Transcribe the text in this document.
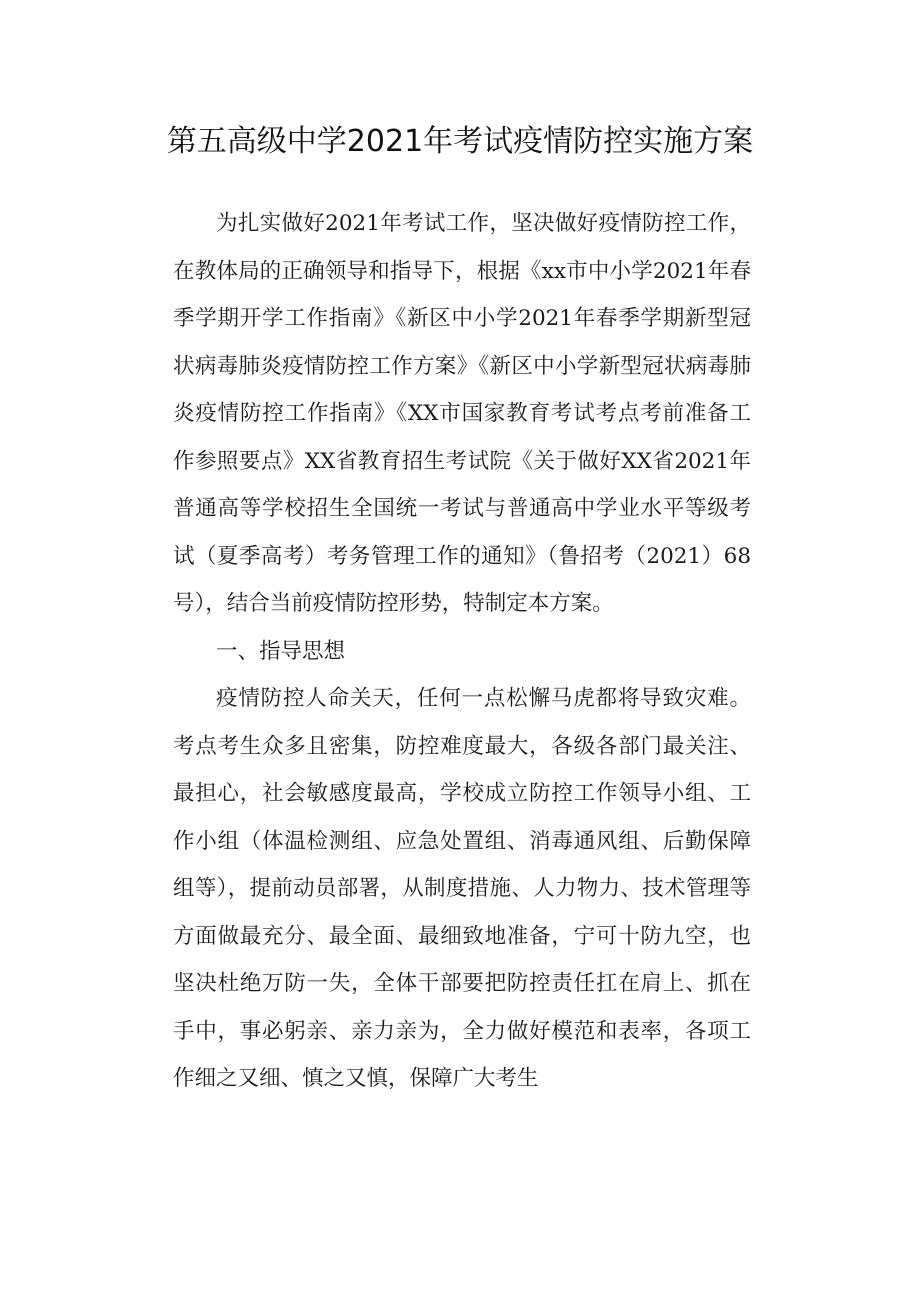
第五高级中学2021年考试疫情防控实施方案

为扎实做好2021年考试工作，坚决做好疫情防控工作，在教体局的正确领导和指导下，根据《xx市中小学2021年春季学期开学工作指南》《新区中小学2021年春季学期新型冠状病毒肺炎疫情防控工作方案》《新区中小学新型冠状病毒肺炎疫情防控工作指南》《XX市国家教育考试考点考前准备工作参照要点》XX省教育招生考试院《关于做好XX省2021年普通高等学校招生全国统一考试与普通高中学业水平等级考试（夏季高考）考务管理工作的通知》（鲁招考（2021）68号），结合当前疫情防控形势，特制定本方案。

一、指导思想

疫情防控人命关天，任何一点松懈马虎都将导致灾难。考点考生众多且密集，防控难度最大，各级各部门最关注、最担心，社会敏感度最高，学校成立防控工作领导小组、工作小组（体温检测组、应急处置组、消毒通风组、后勤保障组等），提前动员部署，从制度措施、人力物力、技术管理等方面做最充分、最全面、最细致地准备，宁可十防九空，也坚决杜绝万防一失，全体干部要把防控责任扛在肩上、抓在手中，事必躬亲、亲力亲为，全力做好模范和表率，各项工作细之又细、慎之又慎，保障广大考生
